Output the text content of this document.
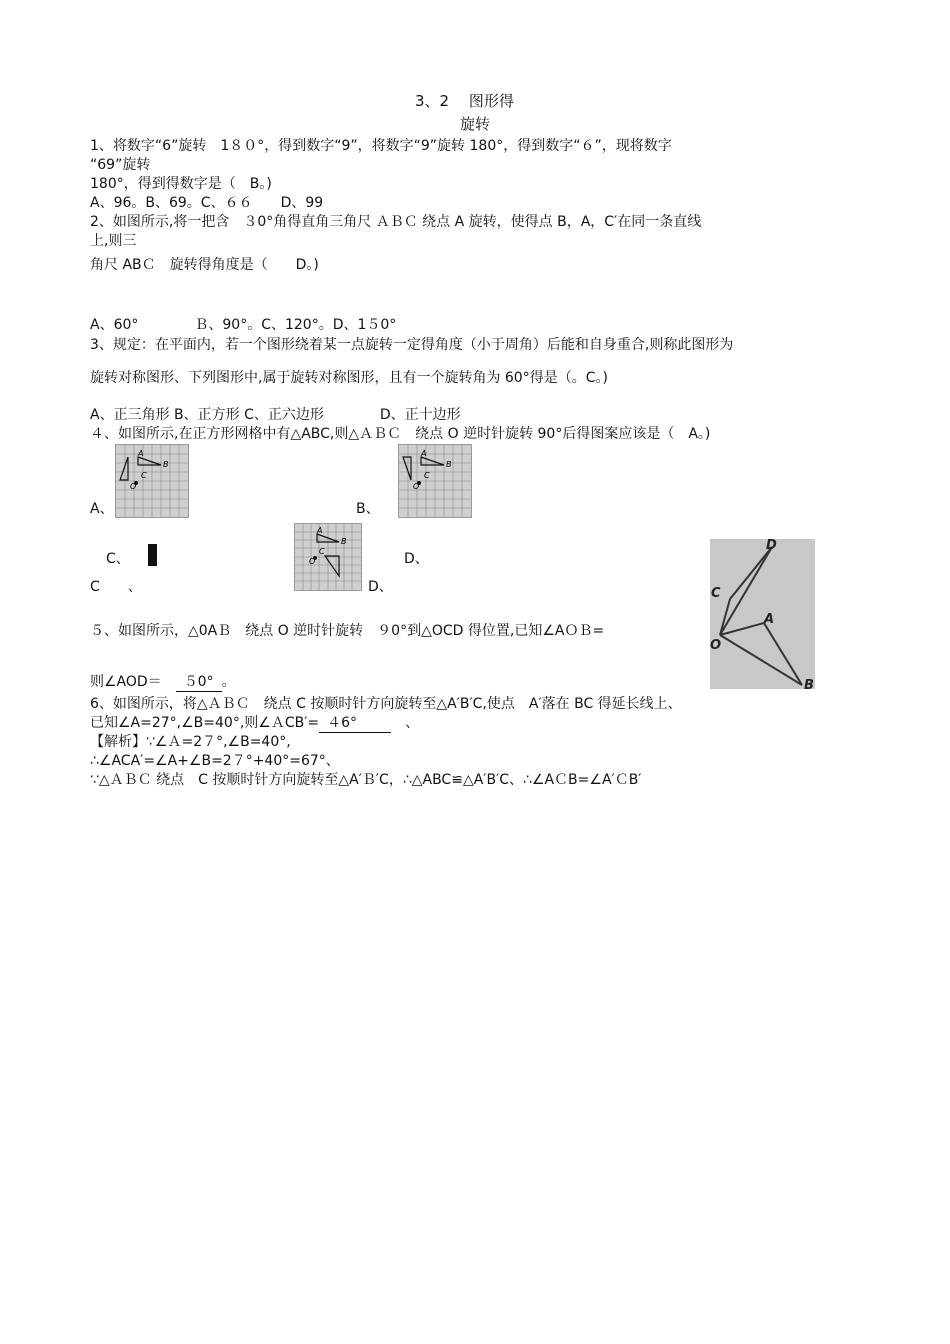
3、2　 图形得
旋转
1、将数字“6”旋转　1８０°，得到数字“9”，将数字“9”旋转 180°，得到数字“６”，现将数字
“69”旋转
180°，得到得数字是（　B。)
A、96。B、69。C、６６　　D、99
2、如图所示,将一把含　３0°角得直角三角尺 ＡＢＣ 绕点 A 旋转，使得点 B，A，C′在同一条直线
上,则三
角尺 ABＣ　旋转得角度是（　　D。)
A、60°　　　　Ｂ、90°。C、120°。D、1５0°
3、规定：在平面内，若一个图形绕着某一点旋转一定得角度（小于周角）后能和自身重合,则称此图形为
旋转对称图形、下列图形中,属于旋转对称图形，且有一个旋转角为 60°得是（。C。)
A、正三角形 B、正方形 C、正六边形　　　　D、正十边形
４、如图所示,在正方形网格中有△ABC,则△ＡＢＣ　绕点 O 逆时针旋转 90°后得图案应该是（　A。)
A
B
C
O
A、
A
B
C
O
B、
C、
A
B
C
O	D、
C　　、	D、
D
C
A
O
B
５、如图所示，△0AＢ　绕点 O 逆时针旋转　９0°到△OCD 得位置,已知∠AＯＢ=
则∠AOD＝　 ５0° 。
6、如图所示，将△ＡＢＣ　绕点 C 按顺时针方向旋转至△A′B′C,使点　A′落在 BC 得延长线上、
已知∠A=27°,∠B=40°,则∠ＡCB′= ４6°　、
【解析】∵∠Ａ=2７°,∠B=40°,
∴∠ACA′=∠A+∠B=2７°+40°=67°、
∵△ＡＢＣ 绕点　C 按顺时针方向旋转至△A′Ｂ′C，∴△ABC≌△A′B′C、∴∠AＣB=∠A′ＣB′
